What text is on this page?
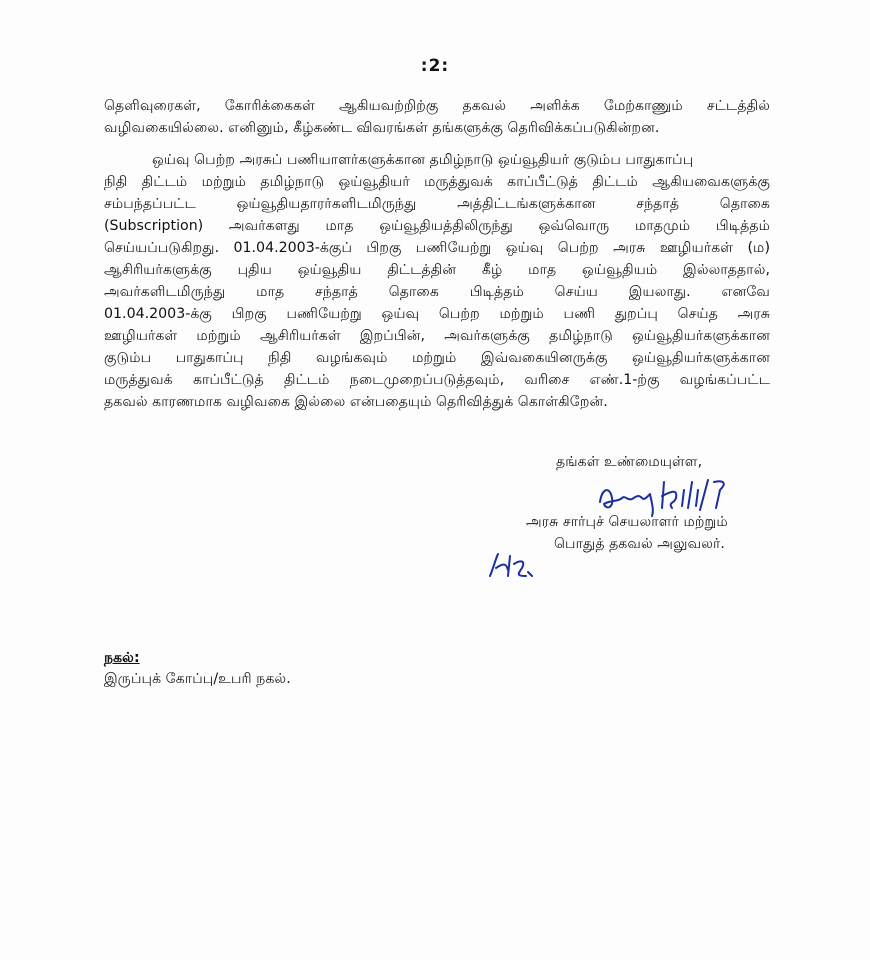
:2:
தெளிவுரைகள், கோரிக்கைகள் ஆகியவற்றிற்கு தகவல் அளிக்க மேற்காணும் சட்டத்தில்
வழிவகையில்லை. எனினும், கீழ்கண்ட விவரங்கள் தங்களுக்கு தெரிவிக்கப்படுகின்றன.
ஒய்வு பெற்ற அரசுப் பணியாளர்களுக்கான தமிழ்நாடு ஒய்வூதியர் குடும்ப பாதுகாப்பு
நிதி திட்டம் மற்றும் தமிழ்நாடு ஒய்வூதியர் மருத்துவக் காப்பீட்டுத் திட்டம் ஆகியவைகளுக்கு
சம்பந்தப்பட்ட ஒய்வூதியதாரர்களிடமிருந்து அத்திட்டங்களுக்கான சந்தாத் தொகை
(Subscription) அவர்களது மாத ஒய்வூதியத்திலிருந்து ஒவ்வொரு மாதமும் பிடித்தம்
செய்யப்படுகிறது. 01.04.2003-க்குப் பிறகு பணியேற்று ஒய்வு பெற்ற அரசு ஊழியர்கள் (ம)
ஆசிரியர்களுக்கு புதிய ஒய்வூதிய திட்டத்தின் கீழ் மாத ஒய்வூதியம் இல்லாததால்,
அவர்களிடமிருந்து மாத சந்தாத் தொகை பிடித்தம் செய்ய இயலாது. எனவே
01.04.2003-க்கு பிறகு பணியேற்று ஒய்வு பெற்ற மற்றும் பணி துறப்பு செய்த அரசு
ஊழியர்கள் மற்றும் ஆசிரியர்கள் இறப்பின், அவர்களுக்கு தமிழ்நாடு ஒய்வூதியர்களுக்கான
குடும்ப பாதுகாப்பு நிதி வழங்கவும் மற்றும் இவ்வகையினருக்கு ஒய்வூதியர்களுக்கான
மருத்துவக் காப்பீட்டுத் திட்டம் நடைமுறைப்படுத்தவும், வரிசை எண்.1-ற்கு வழங்கப்பட்ட
தகவல் காரணமாக வழிவகை இல்லை என்பதையும் தெரிவித்துக் கொள்கிறேன்.
தங்கள் உண்மையுள்ள,
அரசு சார்புச் செயலாளர் மற்றும்
பொதுத் தகவல் அலுவலர்.
நகல்:
இருப்புக் கோப்பு/உபரி நகல்.
